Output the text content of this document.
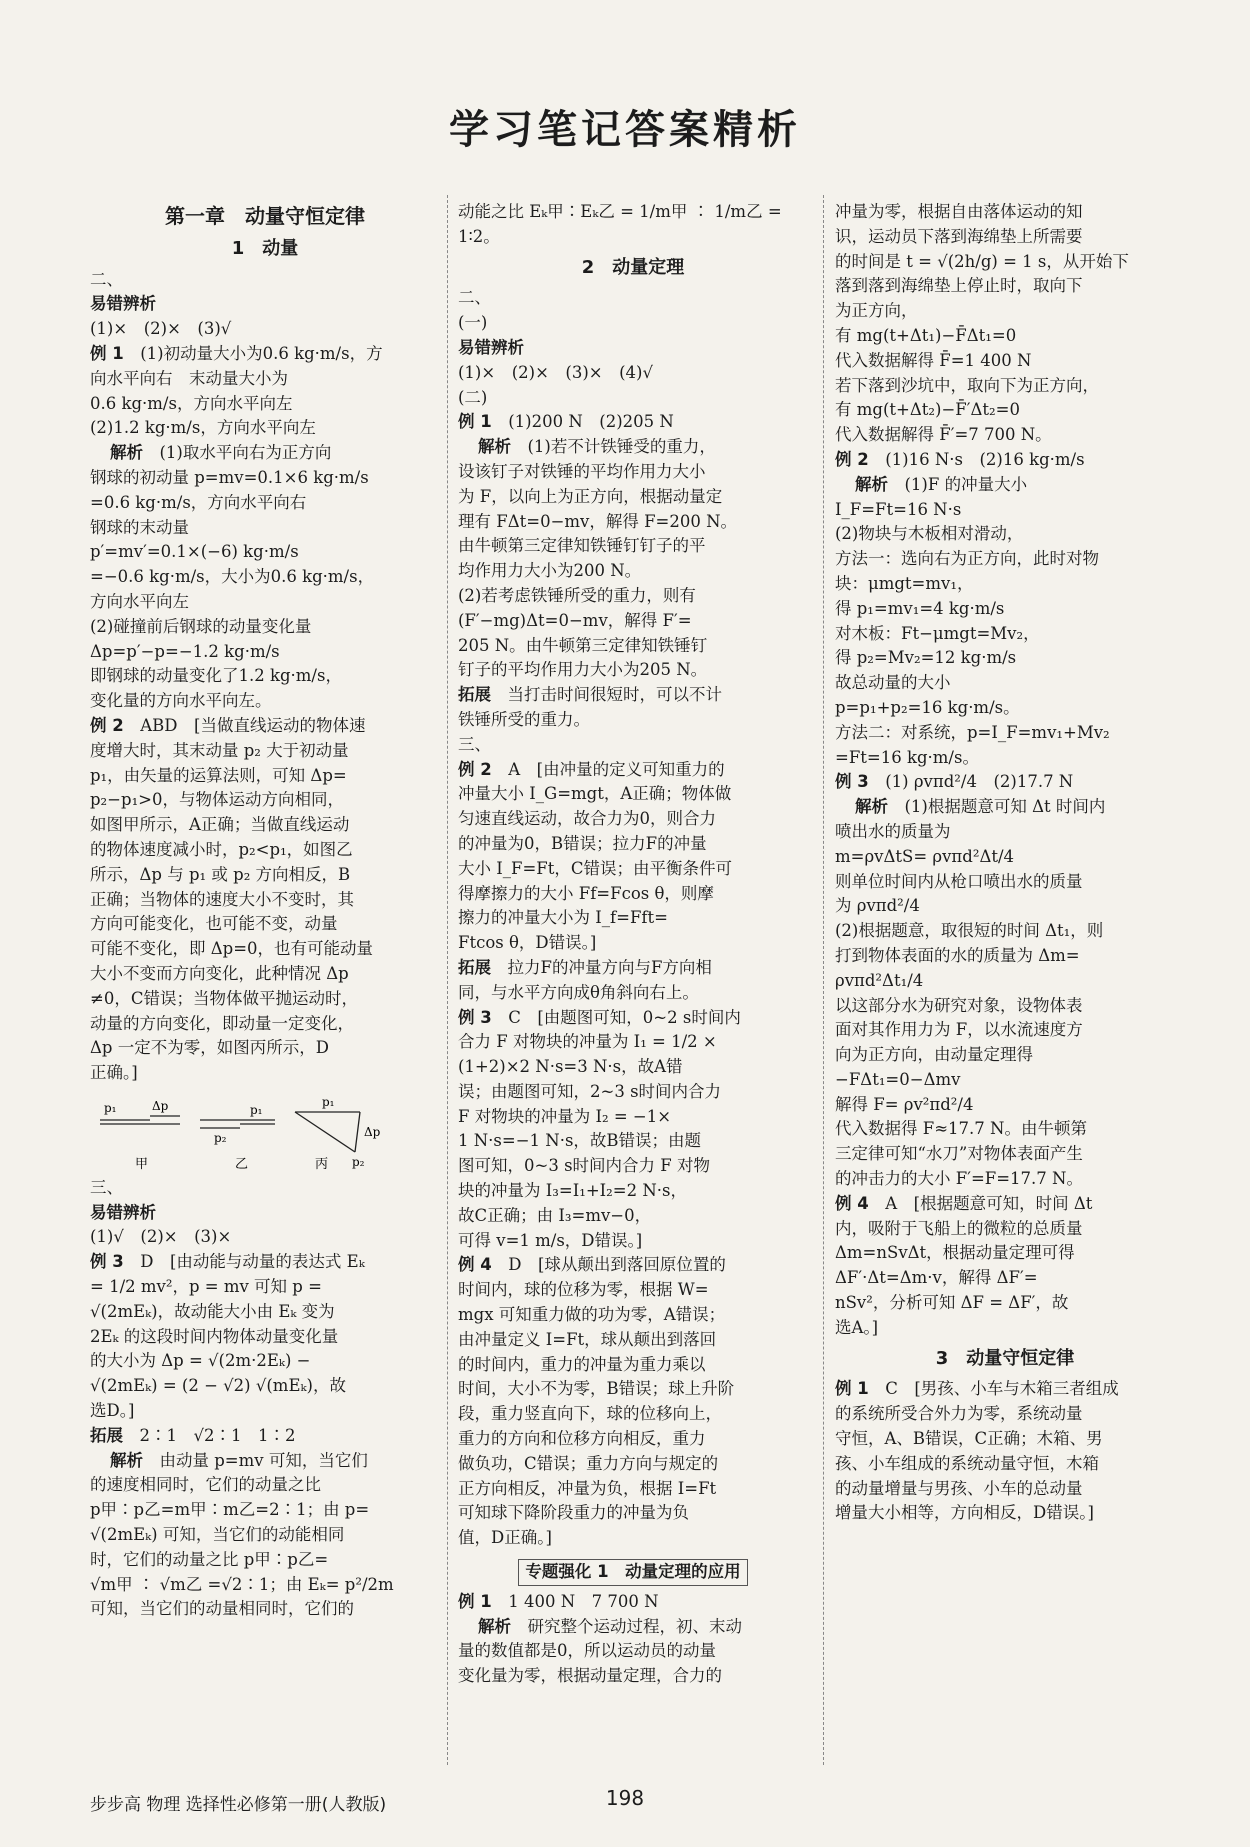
学习笔记答案精析
第一章　动量守恒定律
1　动量
二、
易错辨析
(1)×　(2)×　(3)√
例 1　(1)初动量大小为0.6 kg·m/s，方
向水平向右　末动量大小为
0.6 kg·m/s，方向水平向左
(2)1.2 kg·m/s，方向水平向左
解析　(1)取水平向右为正方向
钢球的初动量 p=mv=0.1×6 kg·m/s
=0.6 kg·m/s，方向水平向右
钢球的末动量
p′=mv′=0.1×(−6) kg·m/s
=−0.6 kg·m/s，大小为0.6 kg·m/s，
方向水平向左
(2)碰撞前后钢球的动量变化量
Δp=p′−p=−1.2 kg·m/s
即钢球的动量变化了1.2 kg·m/s，
变化量的方向水平向左。
例 2　ABD　[当做直线运动的物体速
度增大时，其末动量 p₂ 大于初动量
p₁，由矢量的运算法则，可知 Δp=
p₂−p₁>0，与物体运动方向相同，
如图甲所示，A正确；当做直线运动
的物体速度减小时，p₂<p₁，如图乙
所示，Δp 与 p₁ 或 p₂ 方向相反，B
正确；当物体的速度大小不变时，其
方向可能变化，也可能不变，动量
可能不变化，即 Δp=0，也有可能动量
大小不变而方向变化，此种情况 Δp
≠0，C错误；当物体做平抛运动时，
动量的方向变化，即动量一定变化，
Δp 一定不为零，如图丙所示，D
正确。]
p₁	Δp	p₁
p₂
p₁
Δp
p₂
甲	乙	丙
三、
易错辨析
(1)√　(2)×　(3)×
例 3　D　[由动能与动量的表达式 Eₖ
= 1/2 mv²，p = mv 可知 p =
√(2mEₖ)，故动能大小由 Eₖ 变为
2Eₖ 的这段时间内物体动量变化量
的大小为 Δp = √(2m·2Eₖ) −
√(2mEₖ) = (2 − √2) √(mEₖ)，故
选D。]
拓展　2∶1　√2∶1　1∶2
解析　由动量 p=mv 可知，当它们
的速度相同时，它们的动量之比
p甲∶p乙=m甲∶m乙=2∶1；由 p=
√(2mEₖ) 可知，当它们的动能相同
时，它们的动量之比 p甲∶p乙=
√m甲 ∶ √m乙 =√2∶1；由 Eₖ= p²/2m
可知，当它们的动量相同时，它们的
动能之比 Eₖ甲∶Eₖ乙 = 1/m甲 ∶ 1/m乙 =
1∶2。
2　动量定理
二、
(一)
易错辨析
(1)×　(2)×　(3)×　(4)√
(二)
例 1　(1)200 N　(2)205 N
解析　(1)若不计铁锤受的重力，
设该钉子对铁锤的平均作用力大小
为 F，以向上为正方向，根据动量定
理有 FΔt=0−mv，解得 F=200 N。
由牛顿第三定律知铁锤钉钉子的平
均作用力大小为200 N。
(2)若考虑铁锤所受的重力，则有
(F′−mg)Δt=0−mv，解得 F′=
205 N。由牛顿第三定律知铁锤钉
钉子的平均作用力大小为205 N。
拓展　当打击时间很短时，可以不计
铁锤所受的重力。
三、
例 2　A　[由冲量的定义可知重力的
冲量大小 I_G=mgt，A正确；物体做
匀速直线运动，故合力为0，则合力
的冲量为0，B错误；拉力F的冲量
大小 I_F=Ft，C错误；由平衡条件可
得摩擦力的大小 Ff=Fcos θ，则摩
擦力的冲量大小为 I_f=Fft=
Ftcos θ，D错误。]
拓展　拉力F的冲量方向与F方向相
同，与水平方向成θ角斜向右上。
例 3　C　[由题图可知，0~2 s时间内
合力 F 对物块的冲量为 I₁ = 1/2 ×
(1+2)×2 N·s=3 N·s，故A错
误；由题图可知，2~3 s时间内合力
F 对物块的冲量为 I₂ = −1×
1 N·s=−1 N·s，故B错误；由题
图可知，0~3 s时间内合力 F 对物
块的冲量为 I₃=I₁+I₂=2 N·s，
故C正确；由 I₃=mv−0，
可得 v=1 m/s，D错误。]
例 4　D　[球从颠出到落回原位置的
时间内，球的位移为零，根据 W=
mgx 可知重力做的功为零，A错误；
由冲量定义 I=Ft，球从颠出到落回
的时间内，重力的冲量为重力乘以
时间，大小不为零，B错误；球上升阶
段，重力竖直向下，球的位移向上，
重力的方向和位移方向相反，重力
做负功，C错误；重力方向与规定的
正方向相反，冲量为负，根据 I=Ft
可知球下降阶段重力的冲量为负
值，D正确。]
专题强化 1　动量定理的应用
例 1　1 400 N　7 700 N
解析　研究整个运动过程，初、末动
量的数值都是0，所以运动员的动量
变化量为零，根据动量定理，合力的
冲量为零，根据自由落体运动的知
识，运动员下落到海绵垫上所需要
的时间是 t = √(2h/g) = 1 s，从开始下
落到落到海绵垫上停止时，取向下
为正方向，
有 mg(t+Δt₁)−F̄Δt₁=0
代入数据解得 F̄=1 400 N
若下落到沙坑中，取向下为正方向，
有 mg(t+Δt₂)−F̄′Δt₂=0
代入数据解得 F̄′=7 700 N。
例 2　(1)16 N·s　(2)16 kg·m/s
解析　(1)F 的冲量大小
I_F=Ft=16 N·s
(2)物块与木板相对滑动，
方法一：选向右为正方向，此时对物
块：μmgt=mv₁，
得 p₁=mv₁=4 kg·m/s
对木板：Ft−μmgt=Mv₂，
得 p₂=Mv₂=12 kg·m/s
故总动量的大小
p=p₁+p₂=16 kg·m/s。
方法二：对系统，p=I_F=mv₁+Mv₂
=Ft=16 kg·m/s。
例 3　(1) ρvπd²/4　(2)17.7 N
解析　(1)根据题意可知 Δt 时间内
喷出水的质量为
m=ρvΔtS= ρvπd²Δt/4
则单位时间内从枪口喷出水的质量
为 ρvπd²/4
(2)根据题意，取很短的时间 Δt₁，则
打到物体表面的水的质量为 Δm=
ρvπd²Δt₁/4
以这部分水为研究对象，设物体表
面对其作用力为 F，以水流速度方
向为正方向，由动量定理得
−FΔt₁=0−Δmv
解得 F= ρv²πd²/4
代入数据得 F≈17.7 N。由牛顿第
三定律可知“水刀”对物体表面产生
的冲击力的大小 F′=F=17.7 N。
例 4　A　[根据题意可知，时间 Δt
内，吸附于飞船上的微粒的总质量
Δm=nSvΔt，根据动量定理可得
ΔF′·Δt=Δm·v，解得 ΔF′=
nSv²，分析可知 ΔF = ΔF′，故
选A。]
3　动量守恒定律
例 1　C　[男孩、小车与木箱三者组成
的系统所受合外力为零，系统动量
守恒，A、B错误，C正确；木箱、男
孩、小车组成的系统动量守恒，木箱
的动量增量与男孩、小车的总动量
增量大小相等，方向相反，D错误。]
步步高 物理 选择性必修第一册(人教版)	198
